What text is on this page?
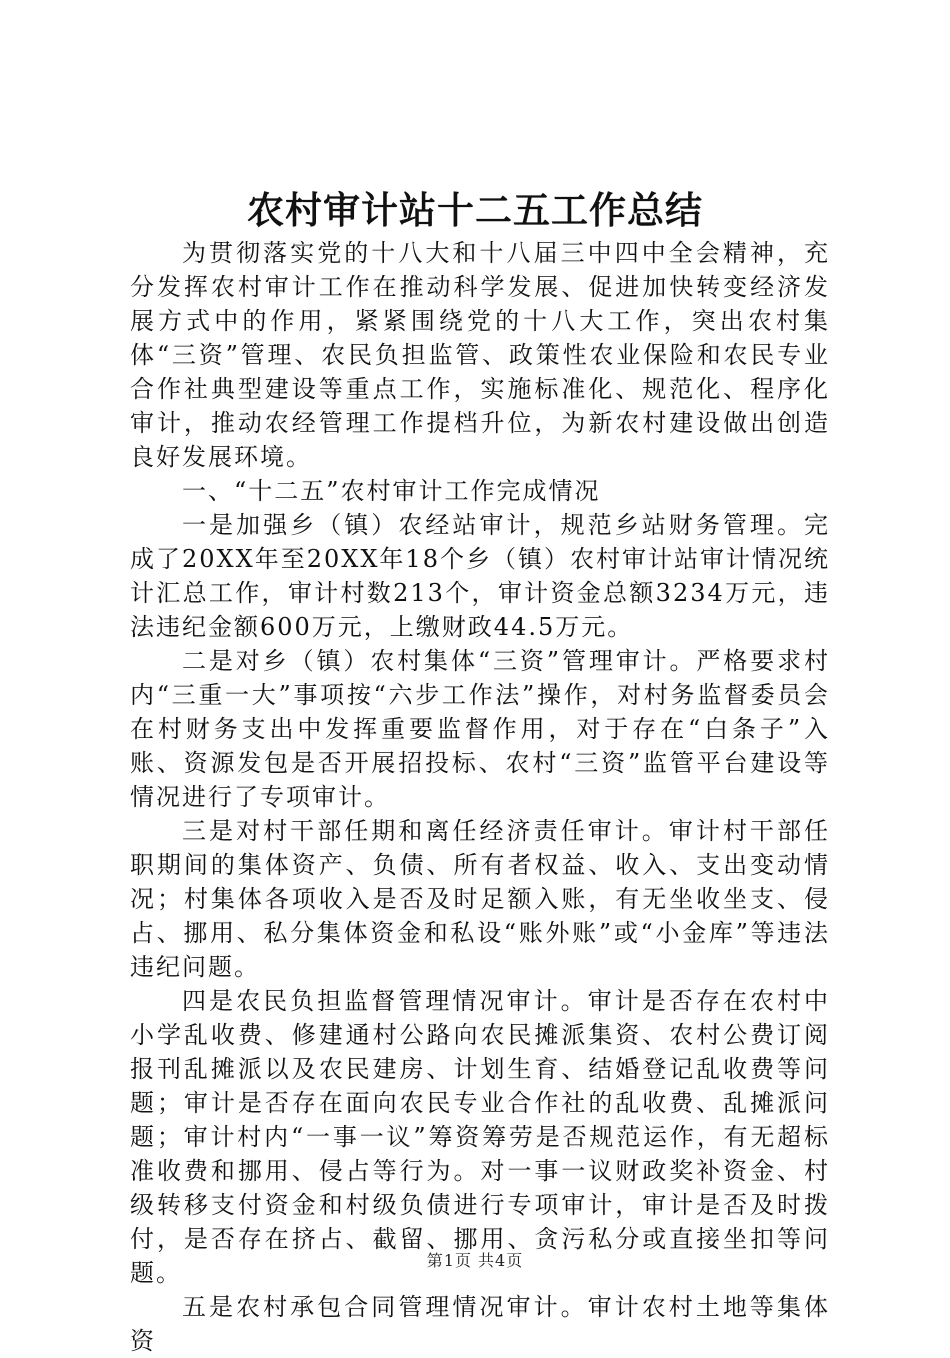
农村审计站十二五工作总结

为贯彻落实党的十八大和十八届三中四中全会精神，充分发挥农村审计工作在推动科学发展、促进加快转变经济发展方式中的作用，紧紧围绕党的十八大工作，突出农村集体“三资”管理、农民负担监管、政策性农业保险和农民专业合作社典型建设等重点工作，实施标准化、规范化、程序化审计，推动农经管理工作提档升位，为新农村建设做出创造良好发展环境。

一、“十二五”农村审计工作完成情况

一是加强乡（镇）农经站审计，规范乡站财务管理。完成了20XX年至20XX年18个乡（镇）农村审计站审计情况统计汇总工作，审计村数213个，审计资金总额3234万元，违法违纪金额600万元，上缴财政44.5万元。

二是对乡（镇）农村集体“三资”管理审计。严格要求村内“三重一大”事项按“六步工作法”操作，对村务监督委员会在村财务支出中发挥重要监督作用，对于存在“白条子”入账、资源发包是否开展招投标、农村“三资”监管平台建设等情况进行了专项审计。

三是对村干部任期和离任经济责任审计。审计村干部任职期间的集体资产、负债、所有者权益、收入、支出变动情况；村集体各项收入是否及时足额入账，有无坐收坐支、侵占、挪用、私分集体资金和私设“账外账”或“小金库”等违法违纪问题。

四是农民负担监督管理情况审计。审计是否存在农村中小学乱收费、修建通村公路向农民摊派集资、农村公费订阅报刊乱摊派以及农民建房、计划生育、结婚登记乱收费等问题；审计是否存在面向农民专业合作社的乱收费、乱摊派问题；审计村内“一事一议”筹资筹劳是否规范运作，有无超标准收费和挪用、侵占等行为。对一事一议财政奖补资金、村级转移支付资金和村级负债进行专项审计，审计是否及时拨付，是否存在挤占、截留、挪用、贪污私分或直接坐扣等问题。

五是农村承包合同管理情况审计。审计农村土地等集体资

第1页 共4页
